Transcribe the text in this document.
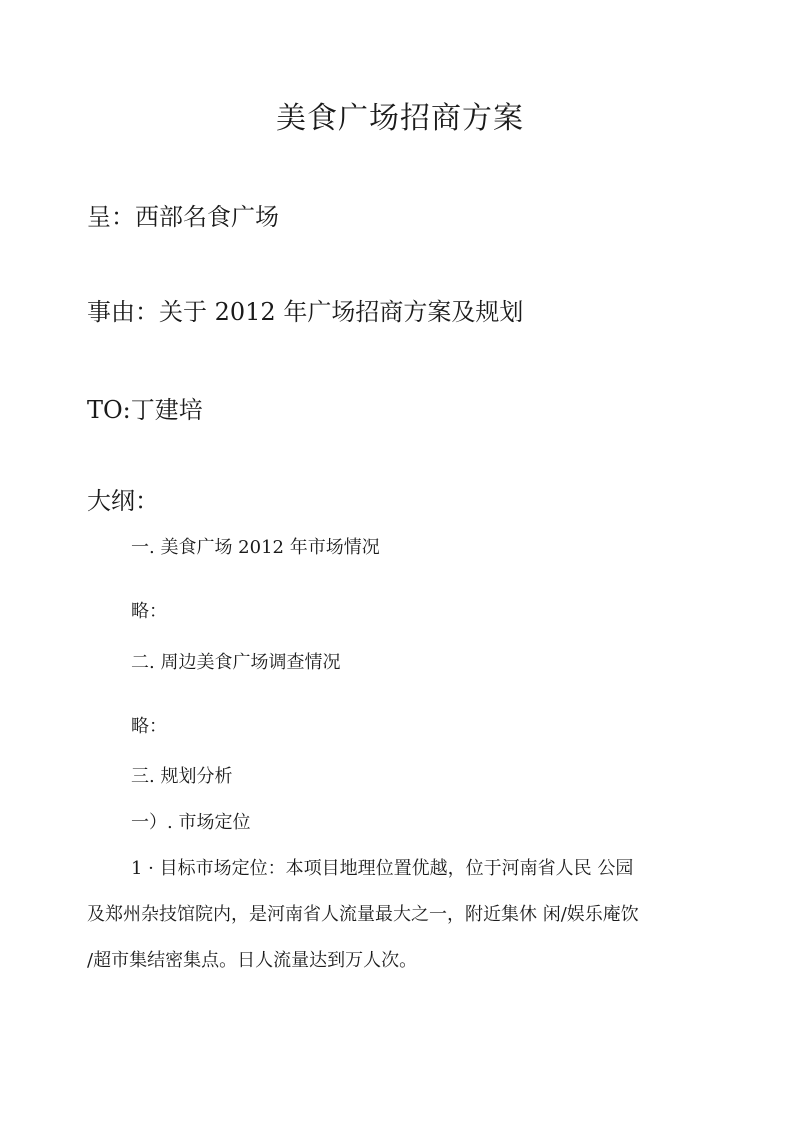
美食广场招商方案
呈：西部名食广场
事由：关于 2012 年广场招商方案及规划
TO:丁建培
大纲：
一. 美食广场 2012 年市场情况
略：
二. 周边美食广场调查情况
略：
三. 规划分析
一）. 市场定位
1 · 目标市场定位：本项目地理位置优越，位于河南省人民 公园
及郑州杂技馆院内，是河南省人流量最大之一，附近集休 闲/娱乐庵饮
/超市集结密集点。日人流量达到万人次。
